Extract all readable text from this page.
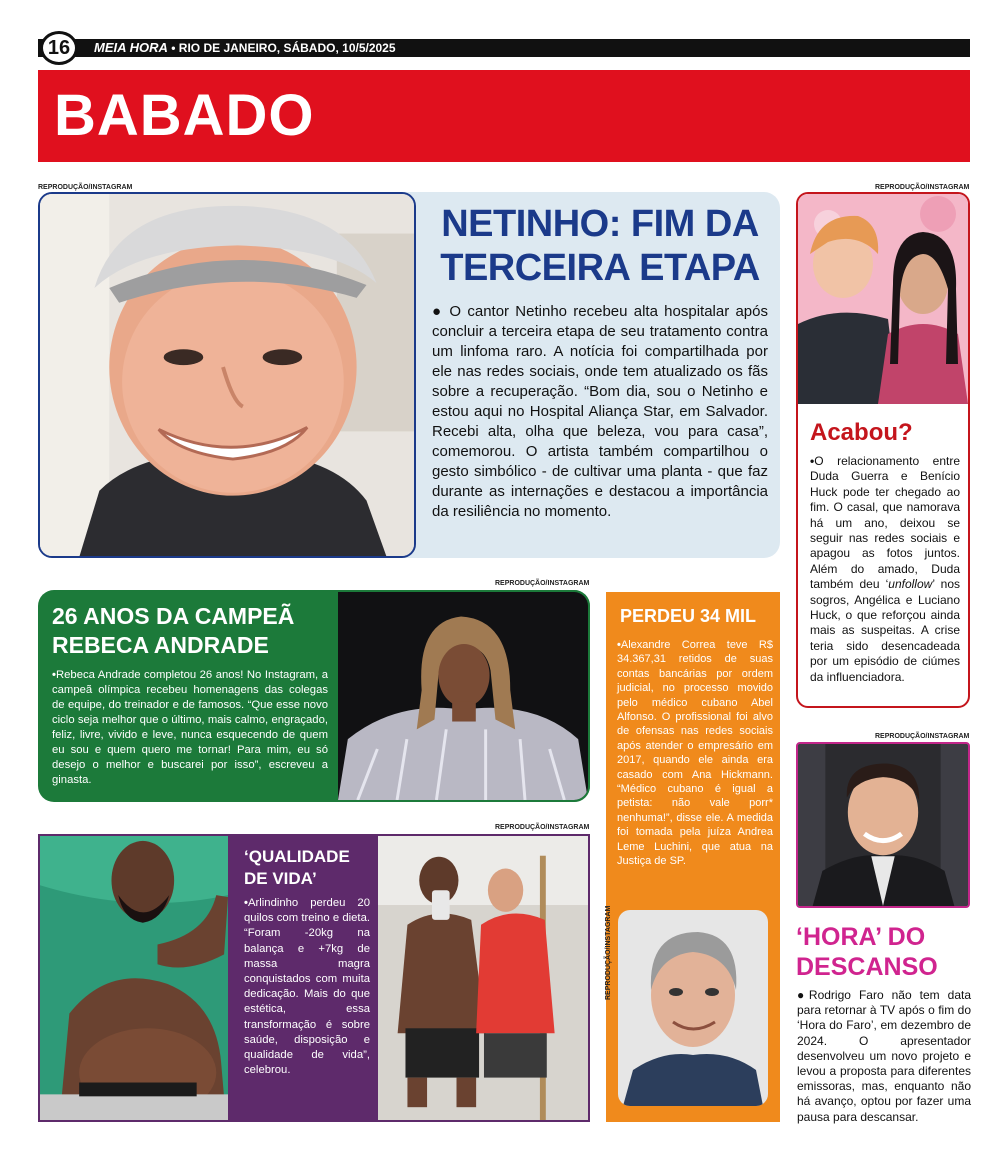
16	MEIA HORA • RIO DE JANEIRO, SÁBADO, 10/5/2025
BABADO
REPRODUÇÃO/INSTAGRAM
NETINHO: FIM DA TERCEIRA ETAPA
● O cantor Netinho recebeu alta hospitalar após concluir a terceira etapa de seu tratamento contra um linfoma raro. A notícia foi compartilhada por ele nas redes sociais, onde tem atualizado os fãs sobre a recuperação. “Bom dia, sou o Netinho e estou aqui no Hospital Aliança Star, em Salvador. Recebi alta, olha que beleza, vou para casa”, comemorou. O artista também compartilhou o gesto simbólico - de cultivar uma planta - que faz durante as internações e destacou a importância da resiliência no momento.
REPRODUÇÃO/INSTAGRAM
Acabou?
•O relacionamento entre Duda Guerra e Benício Huck pode ter chegado ao fim. O casal, que namorava há um ano, deixou se seguir nas redes sociais e apagou as fotos juntos. Além do amado, Duda também deu ‘unfollow’ nos sogros, Angélica e Luciano Huck, o que reforçou ainda mais as suspeitas. A crise teria sido desencadeada por um episódio de ciúmes da influenciadora.
REPRODUÇÃO/INSTAGRAM
26 ANOS DA CAMPEÃ REBECA ANDRADE
•Rebeca Andrade completou 26 anos! No Instagram, a campeã olímpica recebeu homenagens das colegas de equipe, do treinador e de famosos. “Que esse novo ciclo seja melhor que o último, mais calmo, engraçado, feliz, livre, vivido e leve, nunca esquecendo de quem eu sou e quem quero me tornar! Para mim, eu só desejo o melhor e buscarei por isso”, escreveu a ginasta.
REPRODUÇÃO/INSTAGRAM
‘QUALIDADE DE VIDA’
•Arlindinho perdeu 20 quilos com treino e dieta. “Foram -20kg na balança e +7kg de massa magra conquistados com muita dedicação. Mais do que estética, essa transformação é sobre saúde, disposição e qualidade de vida”, celebrou.
PERDEU 34 MIL
•Alexandre Correa teve R$ 34.367,31 retidos de suas contas bancárias por ordem judicial, no processo movido pelo médico cubano Abel Alfonso. O profissional foi alvo de ofensas nas redes sociais após atender o empresário em 2017, quando ele ainda era casado com Ana Hickmann. “Médico cubano é igual a petista: não vale porr* nenhuma!”, disse ele. A medida foi tomada pela juíza Andrea Leme Luchini, que atua na Justiça de SP.
REPRODUÇÃO/INSTAGRAM
REPRODUÇÃO/INSTAGRAM
‘HORA’ DO DESCANSO
●Rodrigo Faro não tem data para retornar à TV após o fim do ‘Hora do Faro’, em dezembro de 2024. O apresentador desenvolveu um novo projeto e levou a proposta para diferentes emissoras, mas, enquanto não há avanço, optou por fazer uma pausa para descansar.
